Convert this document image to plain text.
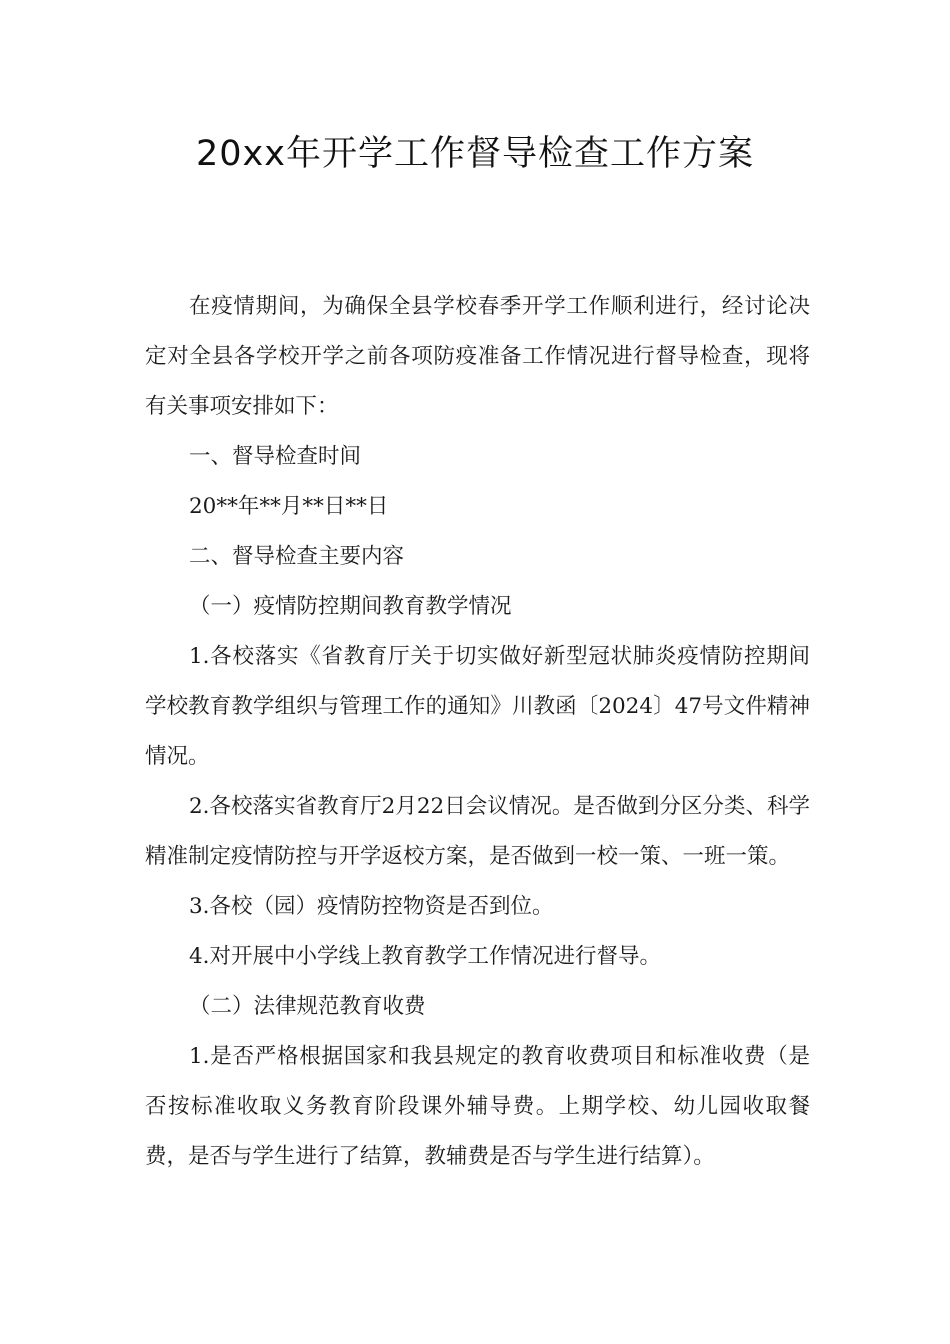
20xx年开学工作督导检查工作方案

在疫情期间，为确保全县学校春季开学工作顺利进行，经讨论决定对全县各学校开学之前各项防疫准备工作情况进行督导检查，现将有关事项安排如下：

一、督导检查时间

20**年**月**日**日

二、督导检查主要内容

（一）疫情防控期间教育教学情况

1.各校落实《省教育厅关于切实做好新型冠状肺炎疫情防控期间学校教育教学组织与管理工作的通知》川教函〔2024〕47号文件精神情况。

2.各校落实省教育厅2月22日会议情况。是否做到分区分类、科学精准制定疫情防控与开学返校方案，是否做到一校一策、一班一策。

3.各校（园）疫情防控物资是否到位。

4.对开展中小学线上教育教学工作情况进行督导。

（二）法律规范教育收费

1.是否严格根据国家和我县规定的教育收费项目和标准收费（是否按标准收取义务教育阶段课外辅导费。上期学校、幼儿园收取餐费，是否与学生进行了结算，教辅费是否与学生进行结算）。
